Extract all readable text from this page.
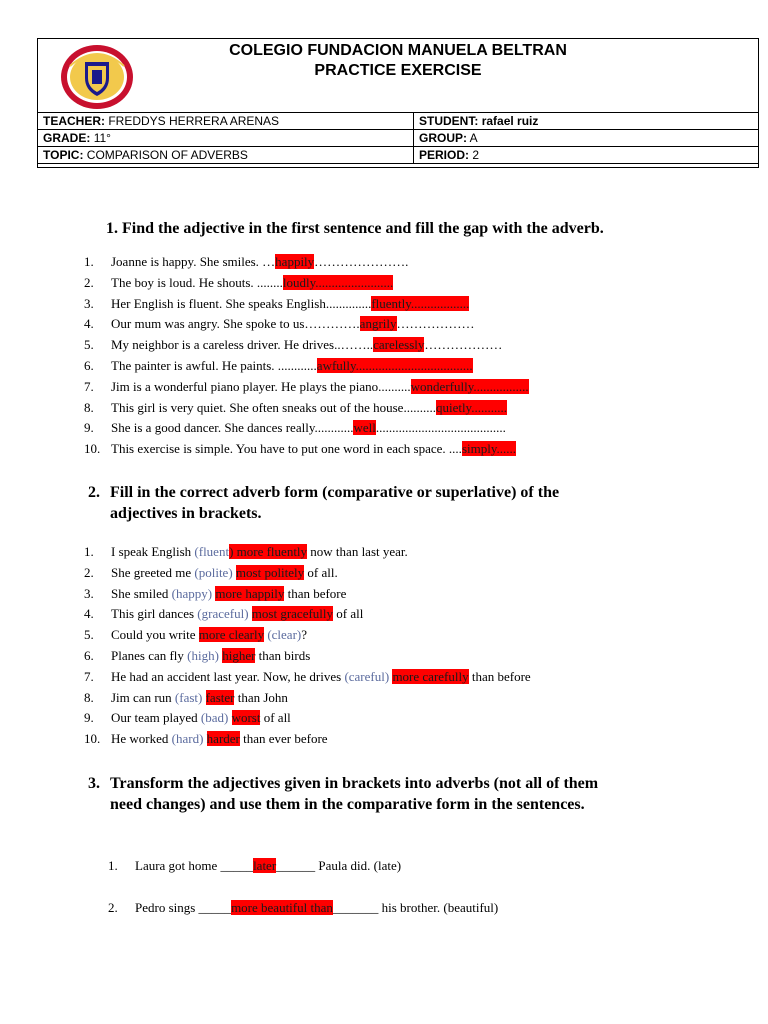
COLEGIO FUNDACION MANUELA BELTRAN
PRACTICE EXERCISE
TEACHER: FREDDYS HERRERA ARENAS	STUDENT: rafael ruiz
GRADE: 11°	GROUP: A
TOPIC: COMPARISON OF ADVERBS	PERIOD: 2
1. Find the adjective in the first sentence and fill the gap with the adverb.
1. Joanne is happy. She smiles. …happily………………….
2. The boy is loud. He shouts. ........loudly........................
3. Her English is fluent. She speaks English..............fluently..................
4. Our mum was angry. She spoke to us………….angrily………………
5. My neighbor is a careless driver. He drives..……..carelessly………………
6. The painter is awful. He paints. ............awfully....................................
7. Jim is a wonderful piano player. He plays the piano..........wonderfully.................
8. This girl is very quiet. She often sneaks out of the house..........quietly...........
9. She is a good dancer. She dances really............well........................................
10. This exercise is simple. You have to put one word in each space. ....simply......
2. Fill in the correct adverb form (comparative or superlative) of the
adjectives in brackets.
1. I speak English (fluent) more fluently now than last year.
2. She greeted me (polite) most politely of all.
3. She smiled (happy) more happily than before
4. This girl dances (graceful) most gracefully of all
5. Could you write more clearly (clear)?
6. Planes can fly (high) higher than birds
7. He had an accident last year. Now, he drives (careful) more carefully than before
8. Jim can run (fast) faster than John
9. Our team played (bad) worst of all
10. He worked (hard) harder than ever before
3. Transform the adjectives given in brackets into adverbs (not all of them
need changes) and use them in the comparative form in the sentences.
1. Laura got home _____later______ Paula did. (late)
2. Pedro sings _____more beautiful than_______ his brother. (beautiful)
